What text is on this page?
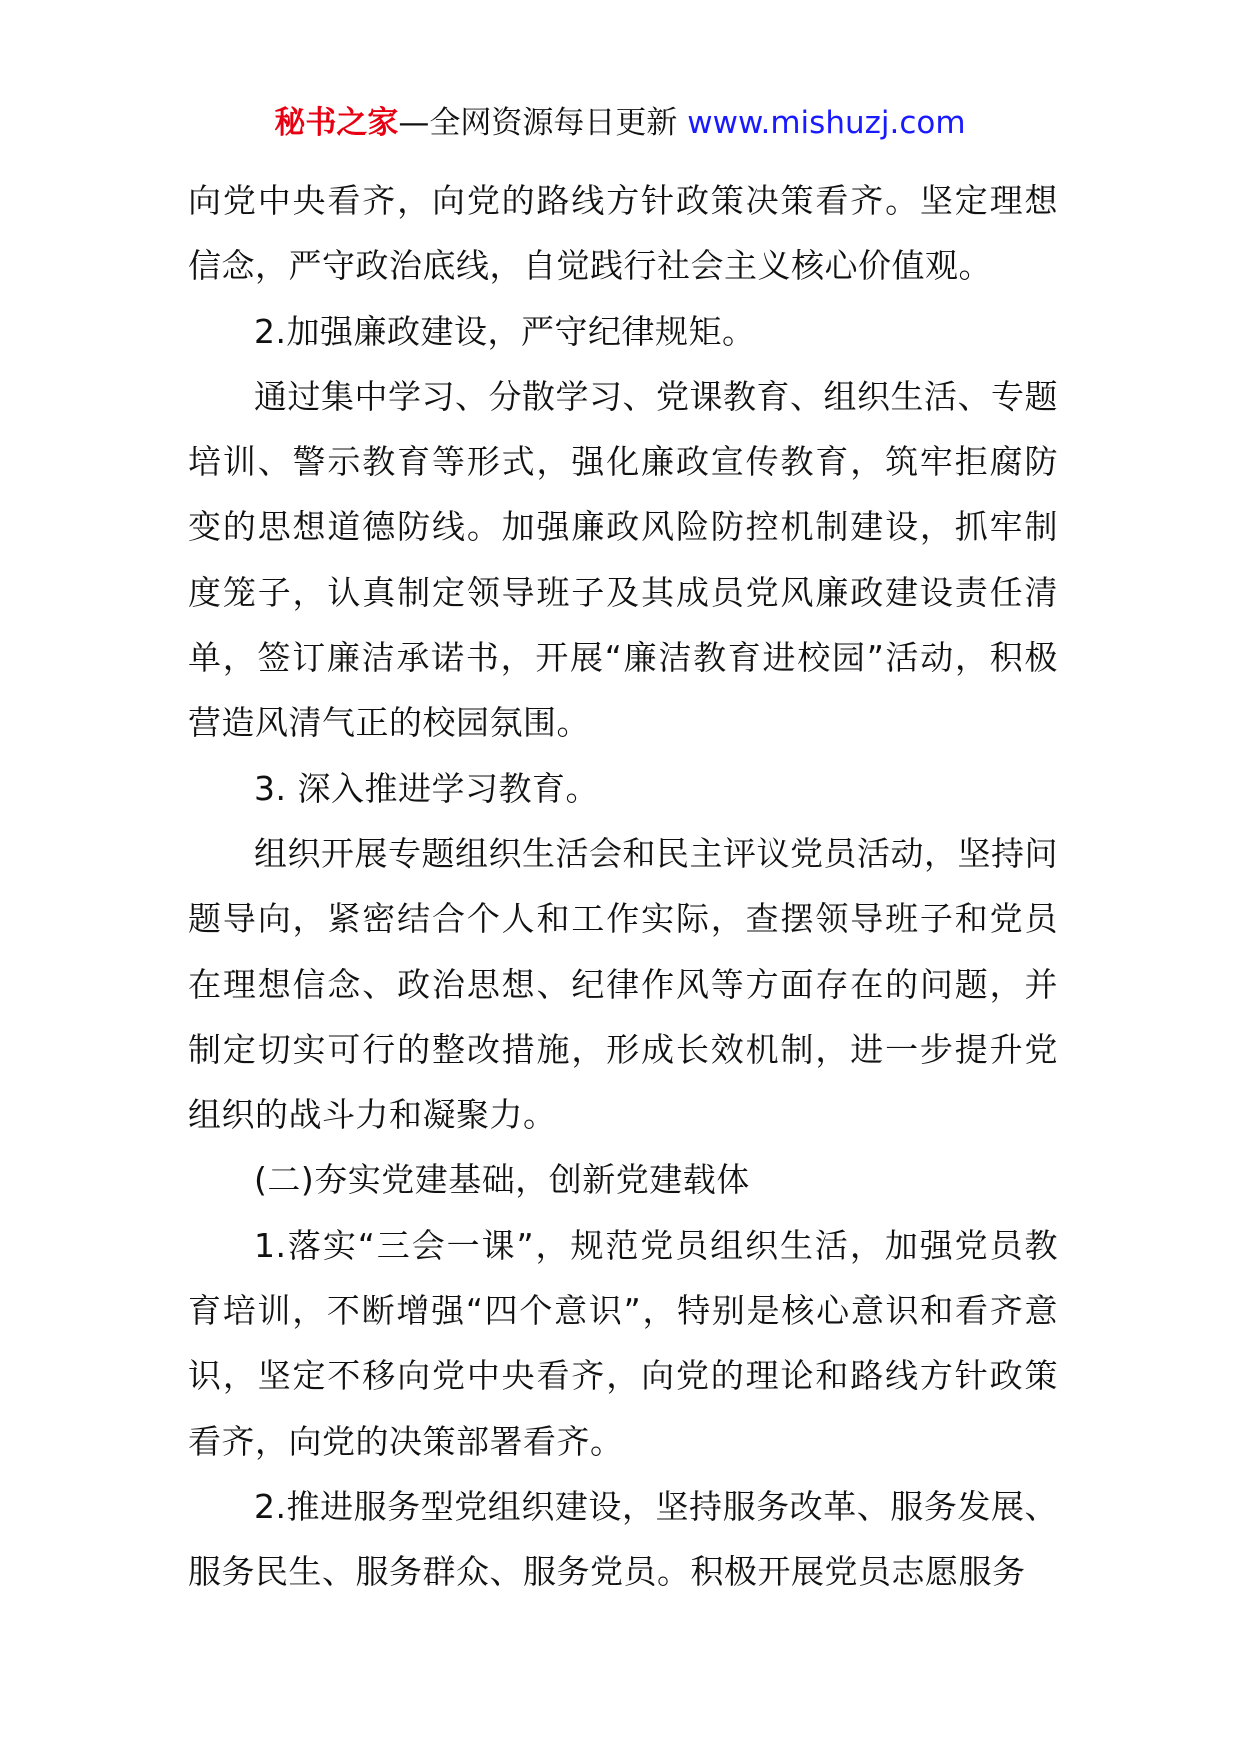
秘书之家—全网资源每日更新 www.mishuzj.com

向党中央看齐，向党的路线方针政策决策看齐。坚定理想信念，严守政治底线，自觉践行社会主义核心价值观。

2.加强廉政建设，严守纪律规矩。

通过集中学习、分散学习、党课教育、组织生活、专题培训、警示教育等形式，强化廉政宣传教育，筑牢拒腐防变的思想道德防线。加强廉政风险防控机制建设，抓牢制度笼子，认真制定领导班子及其成员党风廉政建设责任清单，签订廉洁承诺书，开展“廉洁教育进校园”活动，积极营造风清气正的校园氛围。

3. 深入推进学习教育。

组织开展专题组织生活会和民主评议党员活动，坚持问题导向，紧密结合个人和工作实际，查摆领导班子和党员在理想信念、政治思想、纪律作风等方面存在的问题，并制定切实可行的整改措施，形成长效机制，进一步提升党组织的战斗力和凝聚力。

(二)夯实党建基础，创新党建载体

1.落实“三会一课”，规范党员组织生活，加强党员教育培训，不断增强“四个意识”，特别是核心意识和看齐意识，坚定不移向党中央看齐，向党的理论和路线方针政策看齐，向党的决策部署看齐。

2.推进服务型党组织建设，坚持服务改革、服务发展、服务民生、服务群众、服务党员。积极开展党员志愿服务
